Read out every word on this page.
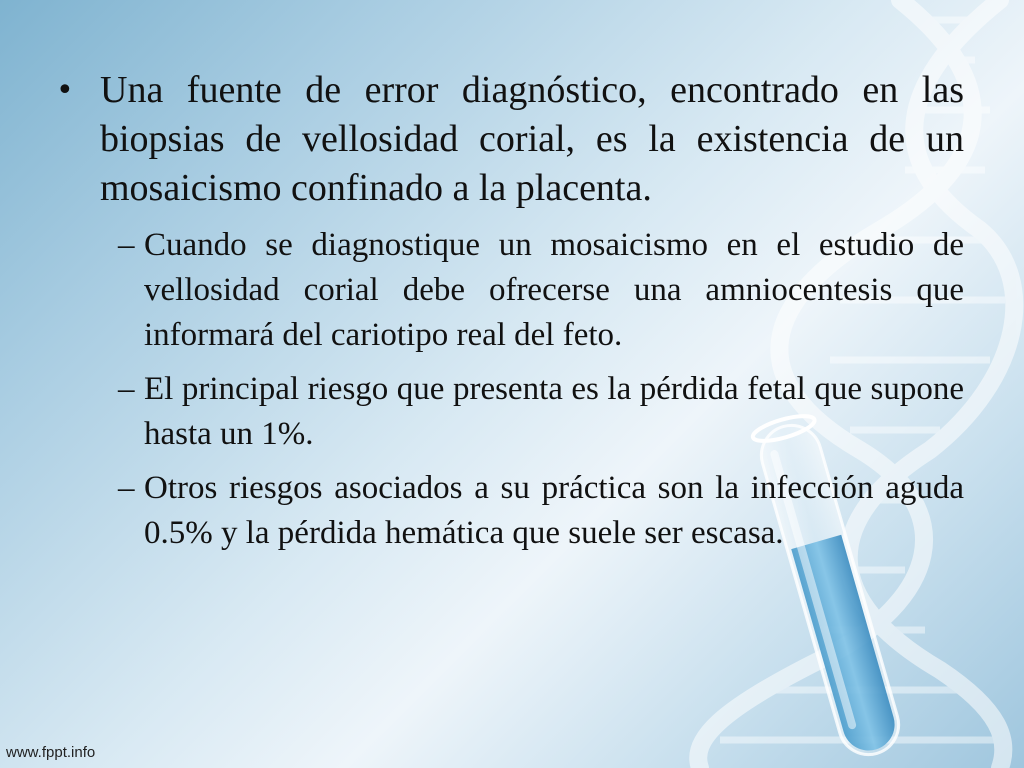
• Una fuente de error diagnóstico, encontrado en las biopsias de vellosidad corial, es la existencia de un mosaicismo confinado a la placenta.
– Cuando se diagnostique un mosaicismo en el estudio de vellosidad corial debe ofrecerse una amniocentesis que informará del cariotipo real del feto.
– El principal riesgo que presenta es la pérdida fetal que supone hasta un 1%.
– Otros riesgos asociados a su práctica son la infección aguda 0.5% y la pérdida hemática que suele ser escasa.
www.fppt.info
